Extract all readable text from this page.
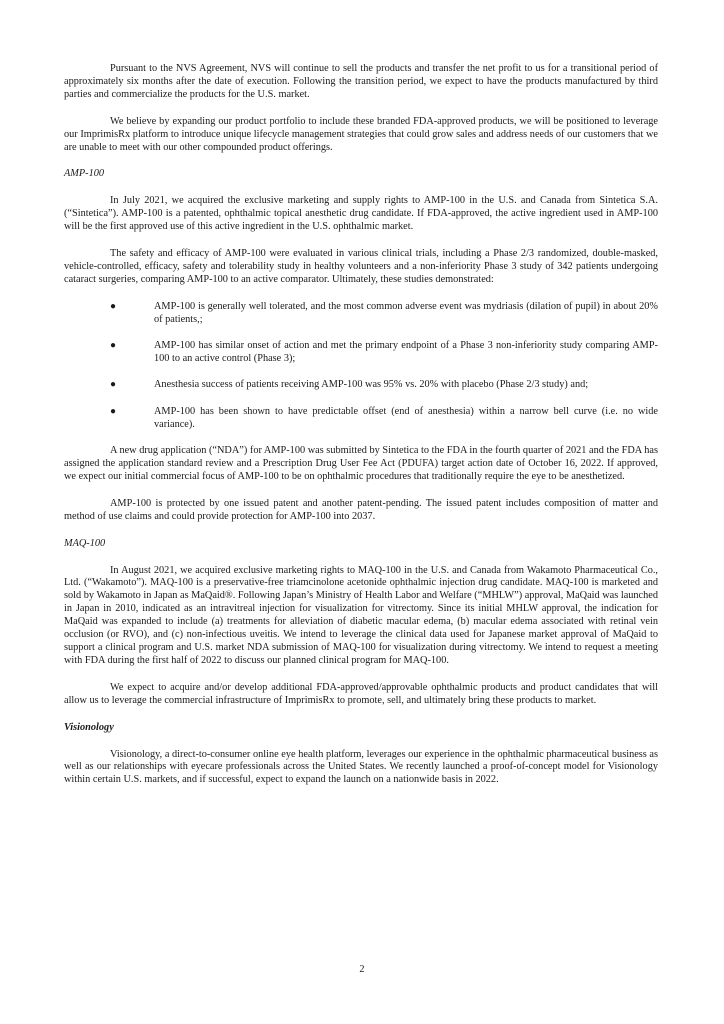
Pursuant to the NVS Agreement, NVS will continue to sell the products and transfer the net profit to us for a transitional period of approximately six months after the date of execution. Following the transition period, we expect to have the products manufactured by third parties and commercialize the products for the U.S. market.

We believe by expanding our product portfolio to include these branded FDA-approved products, we will be positioned to leverage our ImprimisRx platform to introduce unique lifecycle management strategies that could grow sales and address needs of our customers that we are unable to meet with our other compounded product offerings.

AMP-100

In July 2021, we acquired the exclusive marketing and supply rights to AMP-100 in the U.S. and Canada from Sintetica S.A. (“Sintetica”). AMP-100 is a patented, ophthalmic topical anesthetic drug candidate. If FDA-approved, the active ingredient used in AMP-100 will be the first approved use of this active ingredient in the U.S. ophthalmic market.

The safety and efficacy of AMP-100 were evaluated in various clinical trials, including a Phase 2/3 randomized, double-masked, vehicle-controlled, efficacy, safety and tolerability study in healthy volunteers and a non-inferiority Phase 3 study of 342 patients undergoing cataract surgeries, comparing AMP-100 to an active comparator. Ultimately, these studies demonstrated:

●	AMP-100 is generally well tolerated, and the most common adverse event was mydriasis (dilation of pupil) in about 20% of patients,;
●	AMP-100 has similar onset of action and met the primary endpoint of a Phase 3 non-inferiority study comparing AMP-100 to an active control (Phase 3);
●	Anesthesia success of patients receiving AMP-100 was 95% vs. 20% with placebo (Phase 2/3 study) and;
●	AMP-100 has been shown to have predictable offset (end of anesthesia) within a narrow bell curve (i.e. no wide variance).

A new drug application (“NDA”) for AMP-100 was submitted by Sintetica to the FDA in the fourth quarter of 2021 and the FDA has assigned the application standard review and a Prescription Drug User Fee Act (PDUFA) target action date of October 16, 2022. If approved, we expect our initial commercial focus of AMP-100 to be on ophthalmic procedures that traditionally require the eye to be anesthetized.

AMP-100 is protected by one issued patent and another patent-pending. The issued patent includes composition of matter and method of use claims and could provide protection for AMP-100 into 2037.

MAQ-100

In August 2021, we acquired exclusive marketing rights to MAQ-100 in the U.S. and Canada from Wakamoto Pharmaceutical Co., Ltd. (“Wakamoto”). MAQ-100 is a preservative-free triamcinolone acetonide ophthalmic injection drug candidate. MAQ-100 is marketed and sold by Wakamoto in Japan as MaQaid®. Following Japan’s Ministry of Health Labor and Welfare (“MHLW”) approval, MaQaid was launched in Japan in 2010, indicated as an intravitreal injection for visualization for vitrectomy. Since its initial MHLW approval, the indication for MaQaid was expanded to include (a) treatments for alleviation of diabetic macular edema, (b) macular edema associated with retinal vein occlusion (or RVO), and (c) non-infectious uveitis. We intend to leverage the clinical data used for Japanese market approval of MaQaid to support a clinical program and U.S. market NDA submission of MAQ-100 for visualization during vitrectomy. We intend to request a meeting with FDA during the first half of 2022 to discuss our planned clinical program for MAQ-100.

We expect to acquire and/or develop additional FDA-approved/approvable ophthalmic products and product candidates that will allow us to leverage the commercial infrastructure of ImprimisRx to promote, sell, and ultimately bring these products to market.

Visionology

Visionology, a direct-to-consumer online eye health platform, leverages our experience in the ophthalmic pharmaceutical business as well as our relationships with eyecare professionals across the United States. We recently launched a proof-of-concept model for Visionology within certain U.S. markets, and if successful, expect to expand the launch on a nationwide basis in 2022.

2
